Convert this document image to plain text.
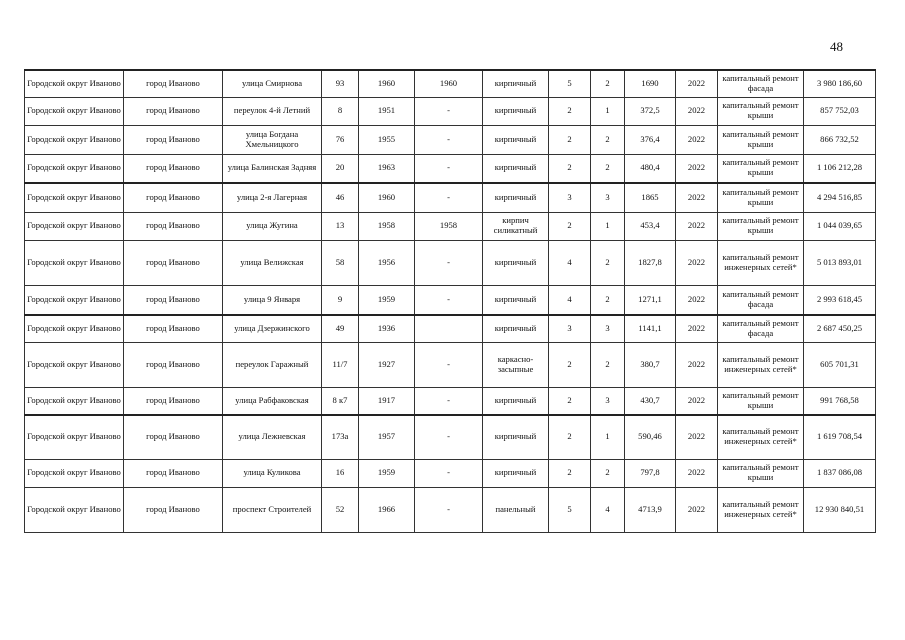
48
Городской округ Иваново	город Иваново	улица Смирнова	93	1960	1960	кирпичный	5	2	1690	2022	капитальный ремонт фасада	3 980 186,60
Городской округ Иваново	город Иваново	переулок 4-й Летний	8	1951	-	кирпичный	2	1	372,5	2022	капитальный ремонт крыши	857 752,03
Городской округ Иваново	город Иваново	улица Богдана Хмельницкого	76	1955	-	кирпичный	2	2	376,4	2022	капитальный ремонт крыши	866 732,52
Городской округ Иваново	город Иваново	улица Балинская Задняя	20	1963	-	кирпичный	2	2	480,4	2022	капитальный ремонт крыши	1 106 212,28
Городской округ Иваново	город Иваново	улица 2-я Лагерная	46	1960	-	кирпичный	3	3	1865	2022	капитальный ремонт крыши	4 294 516,85
Городской округ Иваново	город Иваново	улица Жугина	13	1958	1958	кирпич силикатный	2	1	453,4	2022	капитальный ремонт крыши	1 044 039,65
Городской округ Иваново	город Иваново	улица Велижская	58	1956	-	кирпичный	4	2	1827,8	2022	капитальный ремонт инженерных сетей*	5 013 893,01
Городской округ Иваново	город Иваново	улица 9 Января	9	1959	-	кирпичный	4	2	1271,1	2022	капитальный ремонт фасада	2 993 618,45
Городской округ Иваново	город Иваново	улица Дзержинского	49	1936		кирпичный	3	3	1141,1	2022	капитальный ремонт фасада	2 687 450,25
Городской округ Иваново	город Иваново	переулок Гаражный	11/7	1927	-	каркасно-засыпные	2	2	380,7	2022	капитальный ремонт инженерных сетей*	605 701,31
Городской округ Иваново	город Иваново	улица Рабфаковская	8 к7	1917	-	кирпичный	2	3	430,7	2022	капитальный ремонт крыши	991 768,58
Городской округ Иваново	город Иваново	улица Лежневская	173а	1957	-	кирпичный	2	1	590,46	2022	капитальный ремонт инженерных сетей*	1 619 708,54
Городской округ Иваново	город Иваново	улица Куликова	16	1959	-	кирпичный	2	2	797,8	2022	капитальный ремонт крыши	1 837 086,08
Городской округ Иваново	город Иваново	проспект Строителей	52	1966	-	панельный	5	4	4713,9	2022	капитальный ремонт инженерных сетей*	12 930 840,51
